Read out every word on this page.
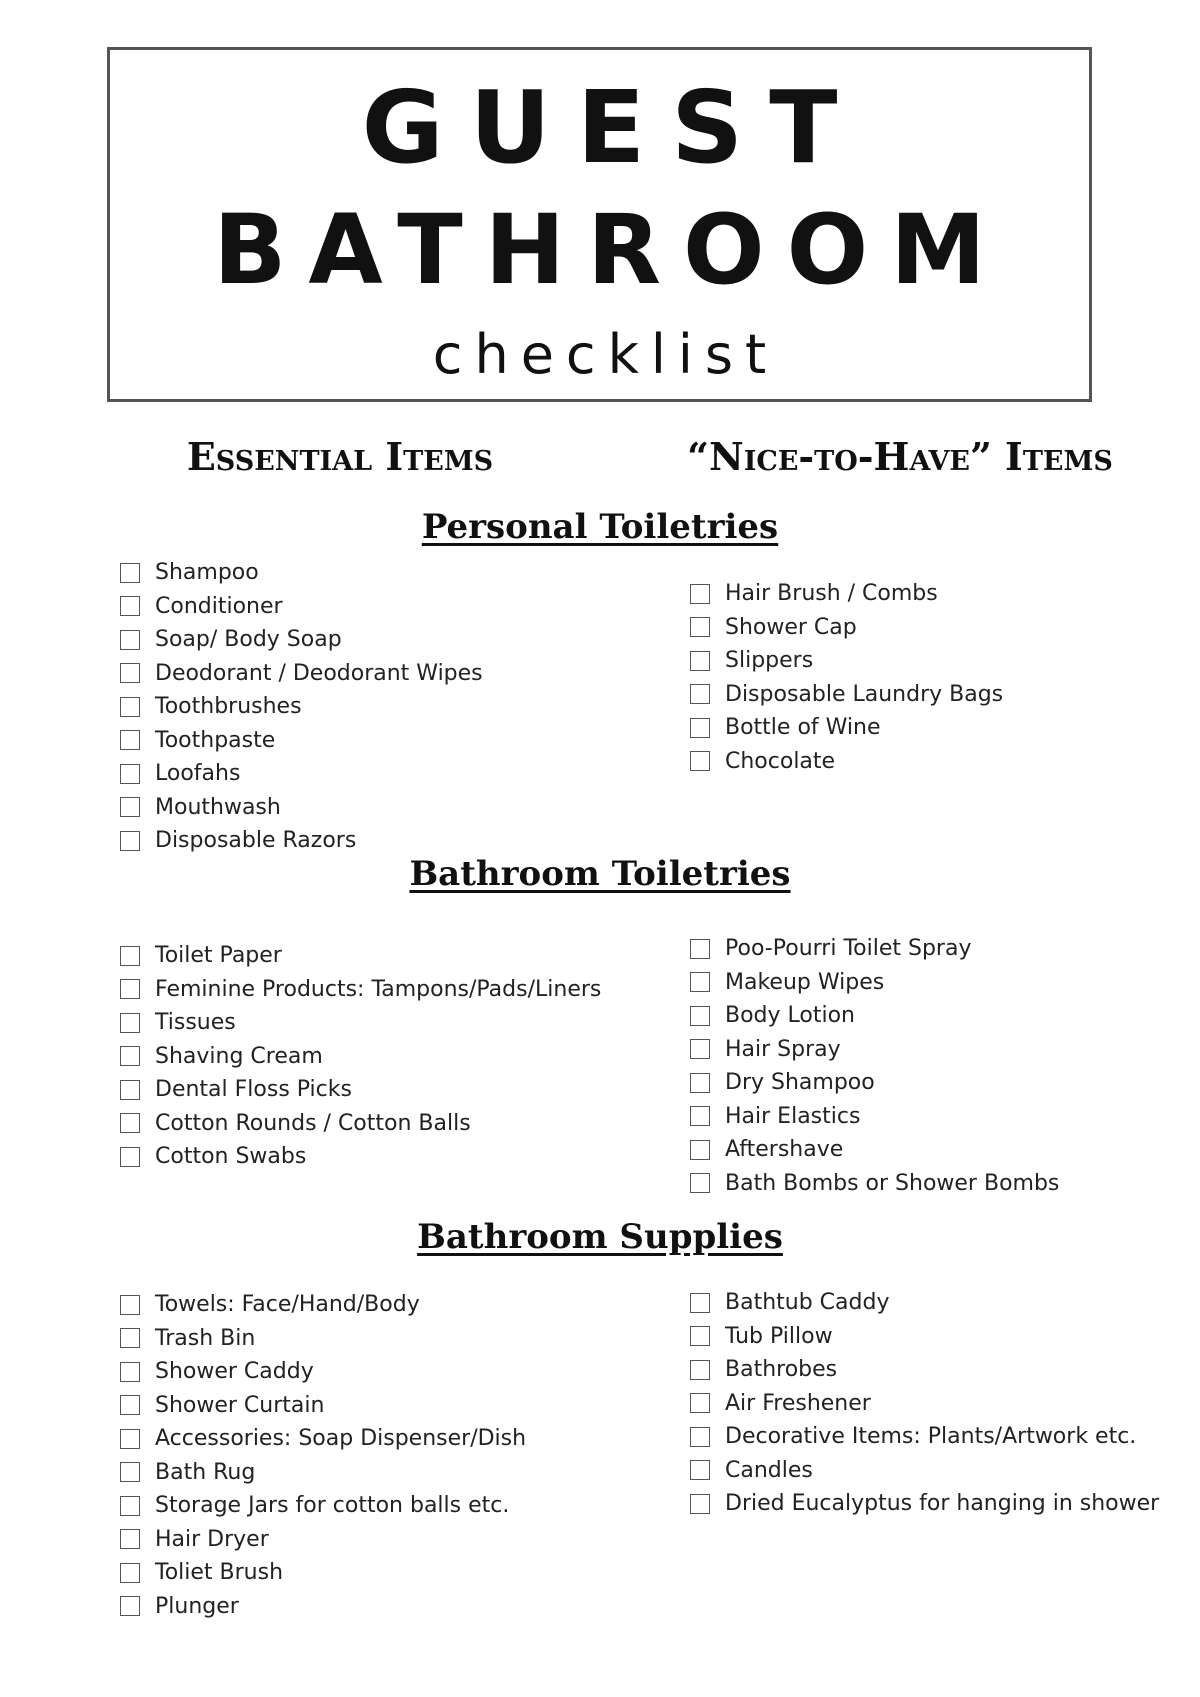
GUEST
BATHROOM
checklist
Essential Items	“Nice-to-Have” Items
Personal Toiletries
Shampoo
Conditioner
Soap/ Body Soap
Deodorant / Deodorant Wipes
Toothbrushes
Toothpaste
Loofahs
Mouthwash
Disposable Razors
Hair Brush / Combs
Shower Cap
Slippers
Disposable Laundry Bags
Bottle of Wine
Chocolate
Bathroom Toiletries
Toilet Paper
Feminine Products: Tampons/Pads/Liners
Tissues
Shaving Cream
Dental Floss Picks
Cotton Rounds / Cotton Balls
Cotton Swabs
Poo-Pourri Toilet Spray
Makeup Wipes
Body Lotion
Hair Spray
Dry Shampoo
Hair Elastics
Aftershave
Bath Bombs or Shower Bombs
Bathroom Supplies
Towels: Face/Hand/Body
Trash Bin
Shower Caddy
Shower Curtain
Accessories: Soap Dispenser/Dish
Bath Rug
Storage Jars for cotton balls etc.
Hair Dryer
Toliet Brush
Plunger
Bathtub Caddy
Tub Pillow
Bathrobes
Air Freshener
Decorative Items: Plants/Artwork etc.
Candles
Dried Eucalyptus for hanging in shower
